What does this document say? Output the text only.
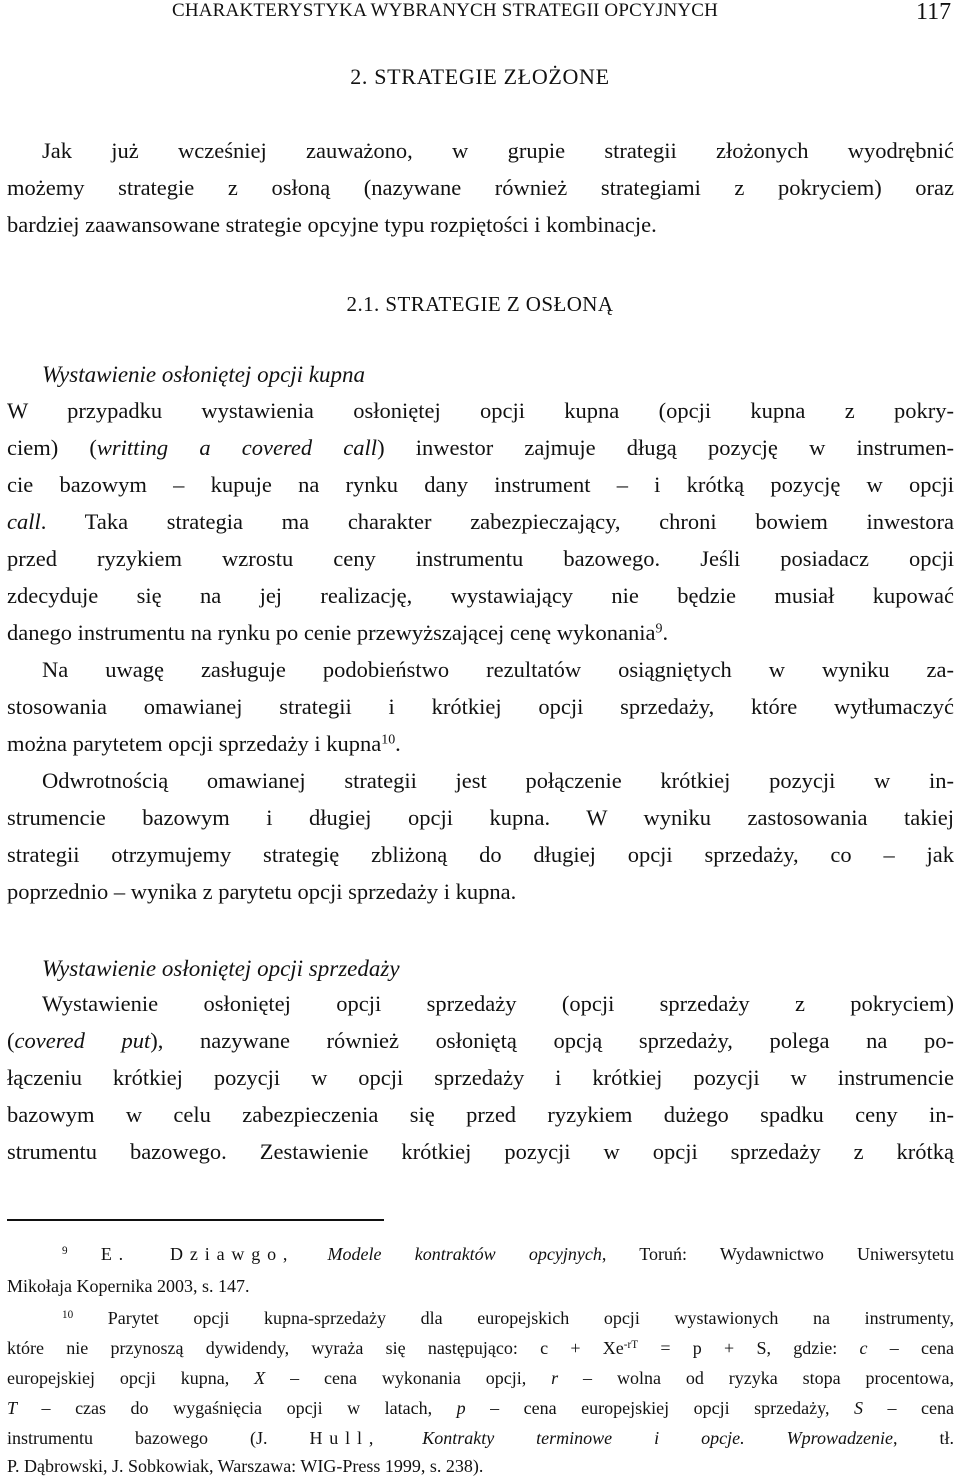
CHARAKTERYSTYKA WYBRANYCH STRATEGII OPCYJNYCH	117
2. STRATEGIE ZŁOŻONE
Jak już wcześniej zauważono, w grupie strategii złożonych wyodrębnić
możemy strategie z osłoną (nazywane również strategiami z pokryciem) oraz
bardziej zaawansowane strategie opcyjne typu rozpiętości i kombinacje.
2.1. STRATEGIE Z OSŁONĄ
Wystawienie osłoniętej opcji kupna
W przypadku wystawienia osłoniętej opcji kupna (opcji kupna z pokry-
ciem) (writting a covered call) inwestor zajmuje długą pozycję w instrumen-
cie bazowym – kupuje na rynku dany instrument – i krótką pozycję w opcji
call. Taka strategia ma charakter zabezpieczający, chroni bowiem inwestora
przed ryzykiem wzrostu ceny instrumentu bazowego. Jeśli posiadacz opcji
zdecyduje się na jej realizację, wystawiający nie będzie musiał kupować
danego instrumentu na rynku po cenie przewyższającej cenę wykonania$^9$.
Na uwagę zasługuje podobieństwo rezultatów osiągniętych w wyniku za-
stosowania omawianej strategii i krótkiej opcji sprzedaży, które wytłumaczyć
można parytetem opcji sprzedaży i kupna$^{10}$.
Odwrotnością omawianej strategii jest połączenie krótkiej pozycji w in-
strumencie bazowym i długiej opcji kupna. W wyniku zastosowania takiej
strategii otrzymujemy strategię zbliżoną do długiej opcji sprzedaży, co – jak
poprzednio – wynika z parytetu opcji sprzedaży i kupna.
Wystawienie osłoniętej opcji sprzedaży
Wystawienie osłoniętej opcji sprzedaży (opcji sprzedaży z pokryciem)
(covered put), nazywane również osłoniętą opcją sprzedaży, polega na po-
łączeniu krótkiej pozycji w opcji sprzedaży i krótkiej pozycji w instrumencie
bazowym w celu zabezpieczenia się przed ryzykiem dużego spadku ceny in-
strumentu bazowego. Zestawienie krótkiej pozycji w opcji sprzedaży z krótką
$^9$ E. Dziawgo, Modele kontraktów opcyjnych, Toruń: Wydawnictwo Uniwersytetu
Mikołaja Kopernika 2003, s. 147.
$^{10}$ Parytet opcji kupna-sprzedaży dla europejskich opcji wystawionych na instrumenty,
które nie przynoszą dywidendy, wyraża się następująco: $c + Xe^{-rT} = p + S$, gdzie: c – cena
europejskiej opcji kupna, X – cena wykonania opcji, r – wolna od ryzyka stopa procentowa,
T – czas do wygaśnięcia opcji w latach, p – cena europejskiej opcji sprzedaży, S – cena
instrumentu bazowego (J. Hull, Kontrakty terminowe i opcje. Wprowadzenie, tł.
P. Dąbrowski, J. Sobkowiak, Warszawa: WIG-Press 1999, s. 238).
